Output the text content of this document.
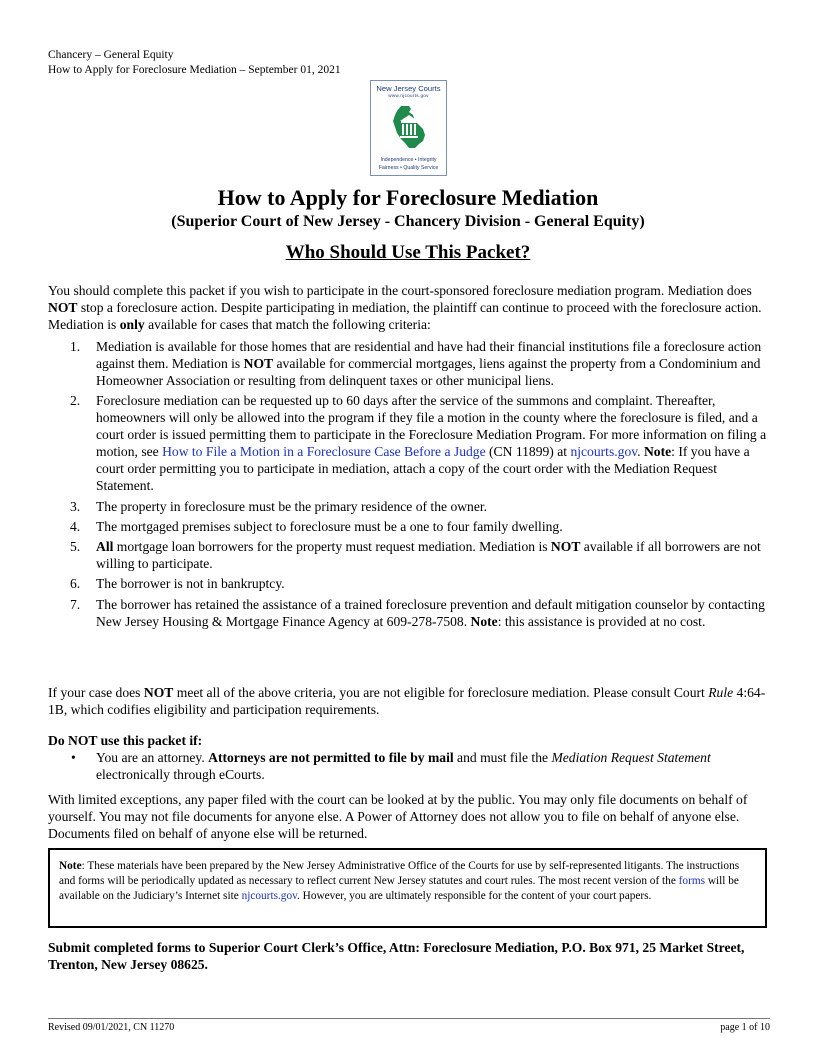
Chancery – General Equity
How to Apply for Foreclosure Mediation – September 01, 2021
New Jersey Courts
www.njcourts.gov
Independence • Integrity
Fairness • Quality Service
How to Apply for Foreclosure Mediation
(Superior Court of New Jersey - Chancery Division - General Equity)
Who Should Use This Packet?

You should complete this packet if you wish to participate in the court-sponsored foreclosure mediation program. Mediation does NOT stop a foreclosure action. Despite participating in mediation, the plaintiff can continue to proceed with the foreclosure action. Mediation is only available for cases that match the following criteria:

1. Mediation is available for those homes that are residential and have had their financial institutions file a foreclosure action against them. Mediation is NOT available for commercial mortgages, liens against the property from a Condominium and Homeowner Association or resulting from delinquent taxes or other municipal liens.
2. Foreclosure mediation can be requested up to 60 days after the service of the summons and complaint. Thereafter, homeowners will only be allowed into the program if they file a motion in the county where the foreclosure is filed, and a court order is issued permitting them to participate in the Foreclosure Mediation Program. For more information on filing a motion, see How to File a Motion in a Foreclosure Case Before a Judge (CN 11899) at njcourts.gov. Note: If you have a court order permitting you to participate in mediation, attach a copy of the court order with the Mediation Request Statement.
3. The property in foreclosure must be the primary residence of the owner.
4. The mortgaged premises subject to foreclosure must be a one to four family dwelling.
5. All mortgage loan borrowers for the property must request mediation. Mediation is NOT available if all borrowers are not willing to participate.
6. The borrower is not in bankruptcy.
7. The borrower has retained the assistance of a trained foreclosure prevention and default mitigation counselor by contacting New Jersey Housing & Mortgage Finance Agency at 609-278-7508. Note: this assistance is provided at no cost.

If your case does NOT meet all of the above criteria, you are not eligible for foreclosure mediation. Please consult Court Rule 4:64-1B, which codifies eligibility and participation requirements.

Do NOT use this packet if:
• You are an attorney. Attorneys are not permitted to file by mail and must file the Mediation Request Statement electronically through eCourts.

With limited exceptions, any paper filed with the court can be looked at by the public. You may only file documents on behalf of yourself. You may not file documents for anyone else. A Power of Attorney does not allow you to file on behalf of anyone else. Documents filed on behalf of anyone else will be returned.

Note: These materials have been prepared by the New Jersey Administrative Office of the Courts for use by self-represented litigants. The instructions and forms will be periodically updated as necessary to reflect current New Jersey statutes and court rules. The most recent version of the forms will be available on the Judiciary’s Internet site njcourts.gov. However, you are ultimately responsible for the content of your court papers.
Submit completed forms to Superior Court Clerk’s Office, Attn: Foreclosure Mediation, P.O. Box 971, 25 Market Street, Trenton, New Jersey 08625.
Revised 09/01/2021, CN 11270	page 1 of 10
